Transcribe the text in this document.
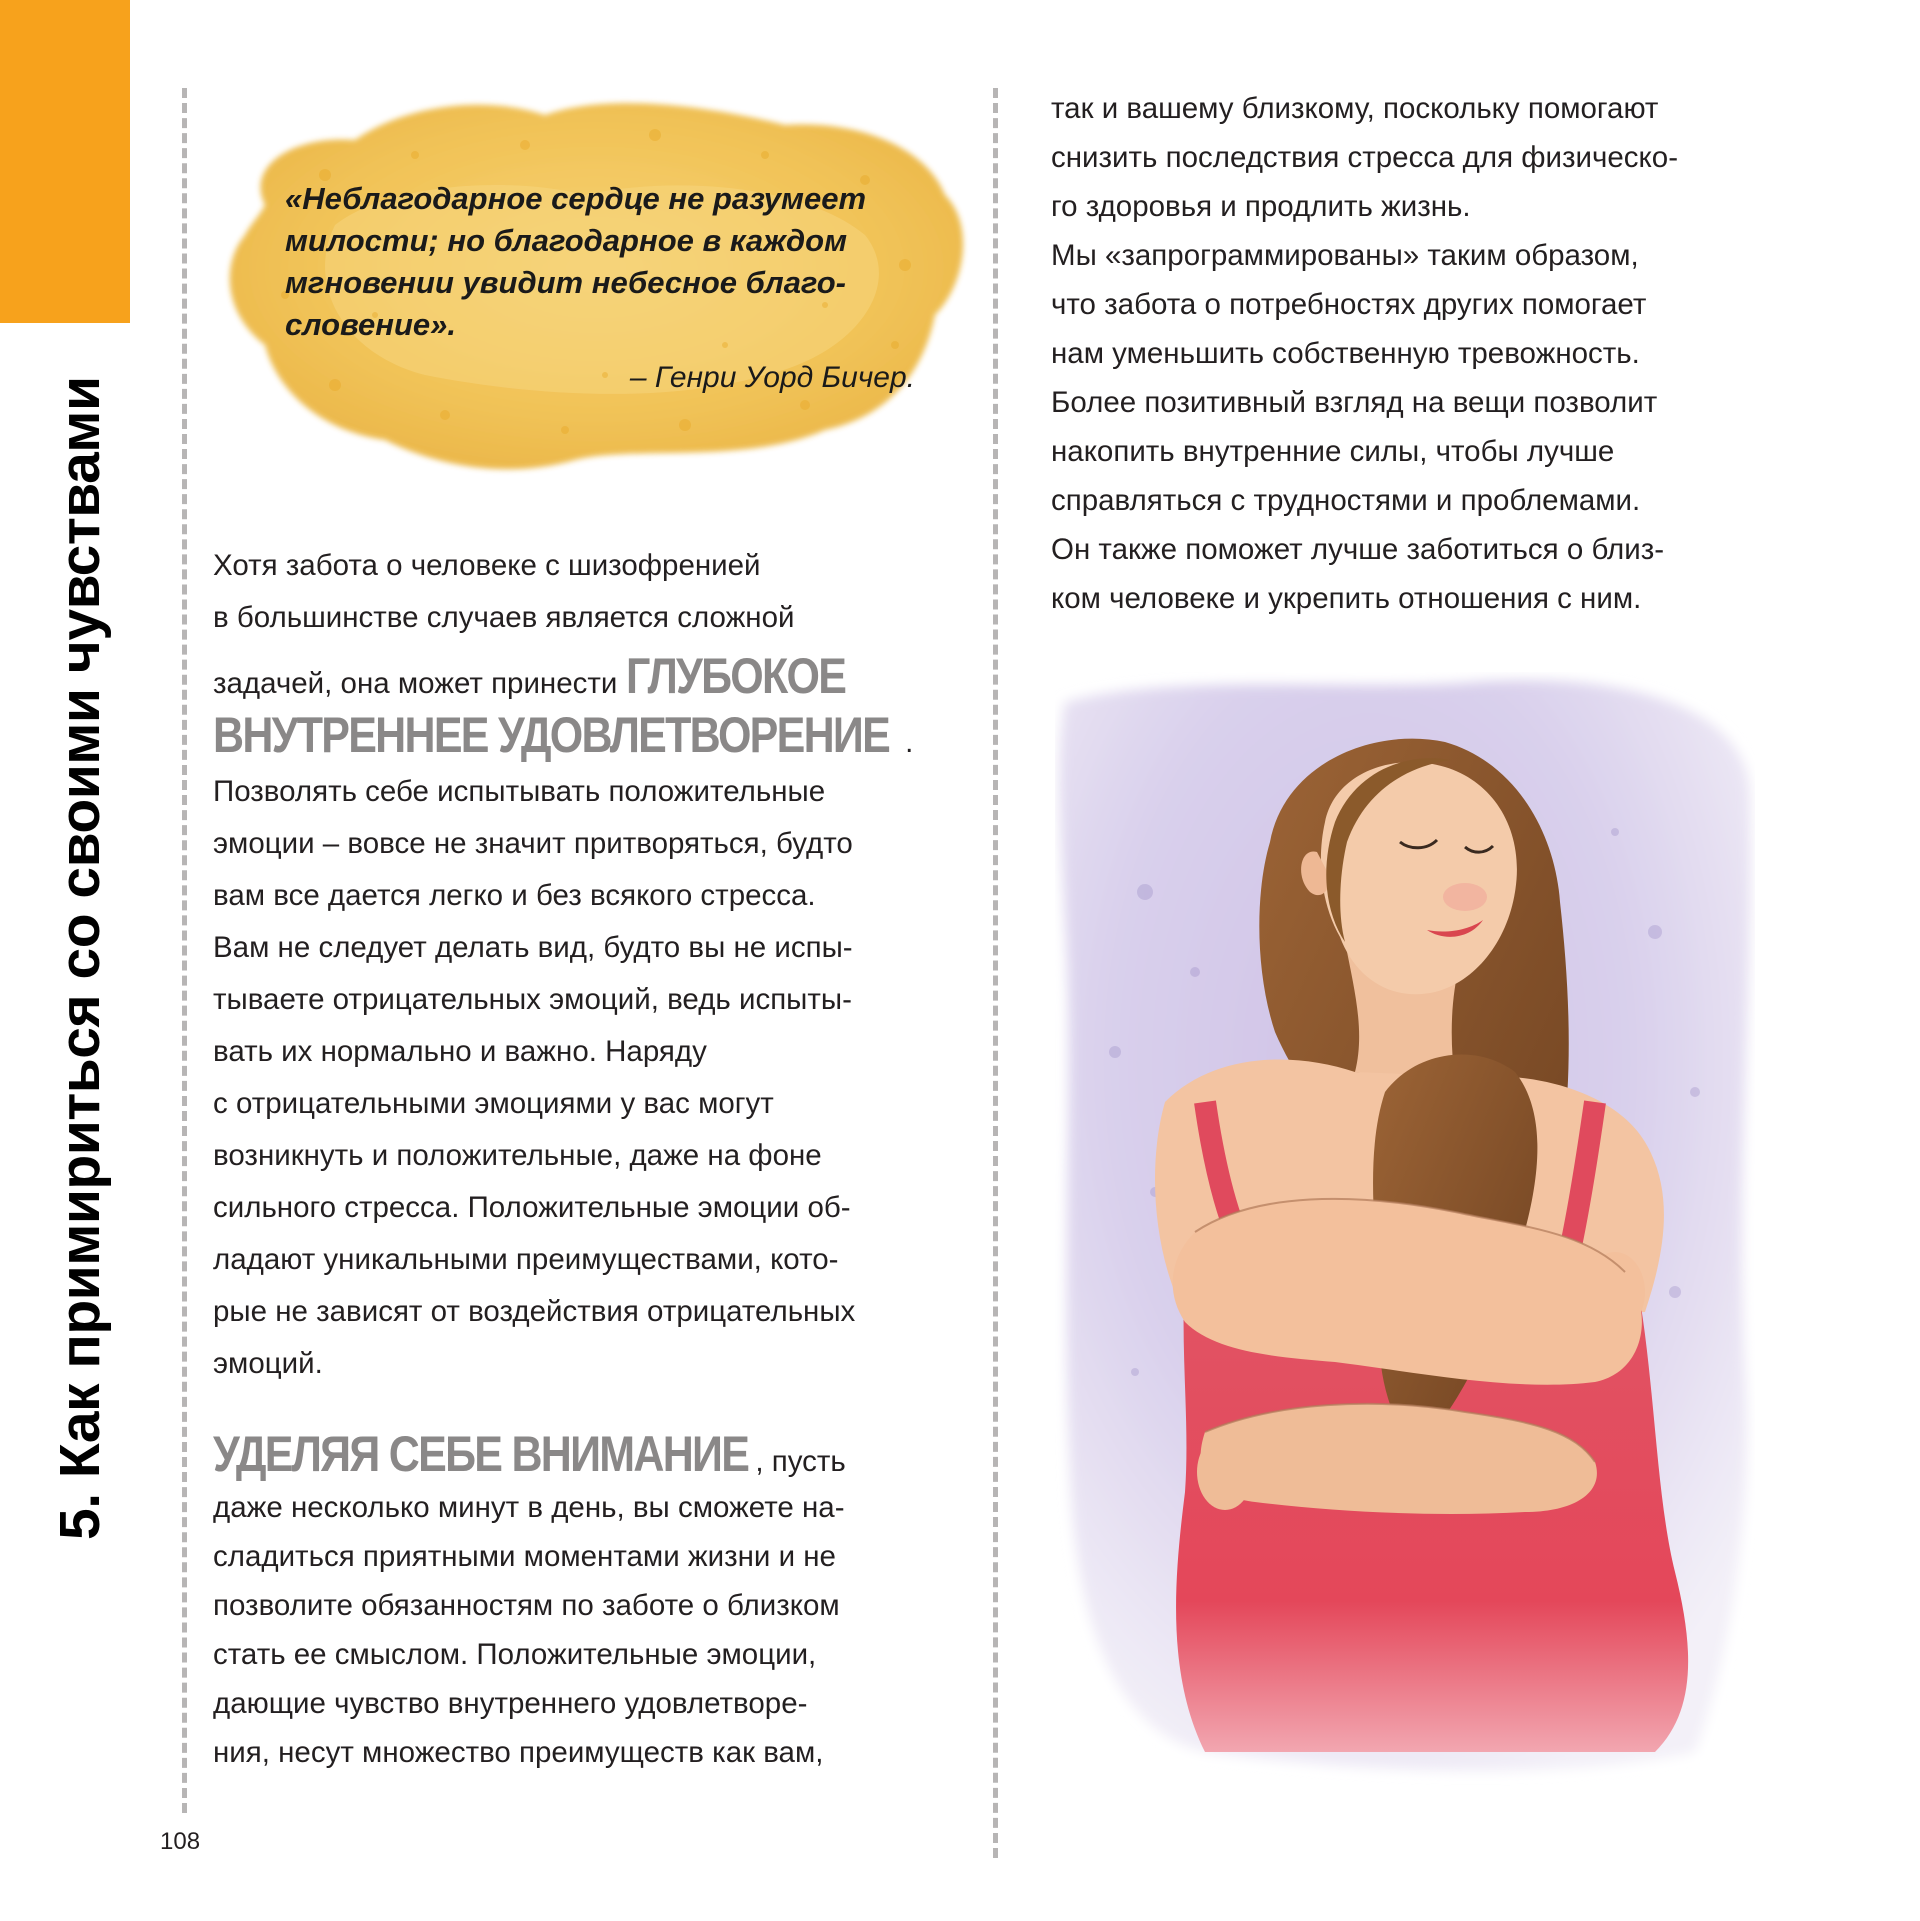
5. Как примириться со своими чувствами

«Неблагодарное сердце не разумеет
милости; но благодарное в каждом
мгновении увидит небесное благо-
словение».

– Генри Уорд Бичер.
Хотя забота о человеке с шизофренией
в большинстве случаев является сложной
задачей, она может принести ГЛУБОКОЕ
ВНУТРЕННЕЕ УДОВЛЕТВОРЕНИЕ .
Позволять себе испытывать положительные
эмоции – вовсе не значит притворяться, будто
вам все дается легко и без всякого стресса.
Вам не следует делать вид, будто вы не испы-
тываете отрицательных эмоций, ведь испыты-
вать их нормально и важно. Наряду
с отрицательными эмоциями у вас могут
возникнуть и положительные, даже на фоне
сильного стресса. Положительные эмоции об-
ладают уникальными преимуществами, кото-
рые не зависят от воздействия отрицательных
эмоций.
УДЕЛЯЯ СЕБЕ ВНИМАНИЕ , пусть
даже несколько минут в день, вы сможете на-
сладиться приятными моментами жизни и не
позволите обязанностям по заботе о близком
стать ее смыслом. Положительные эмоции,
дающие чувство внутреннего удовлетворе-
ния, несут множество преимуществ как вам,
так и вашему близкому, поскольку помогают
снизить последствия стресса для физическо-
го здоровья и продлить жизнь.
Мы «запрограммированы» таким образом,
что забота о потребностях других помогает
нам уменьшить собственную тревожность.
Более позитивный взгляд на вещи позволит
накопить внутренние силы, чтобы лучше
справляться с трудностями и проблемами.
Он также поможет лучше заботиться о близ-
ком человеке и укрепить отношения с ним.
108
